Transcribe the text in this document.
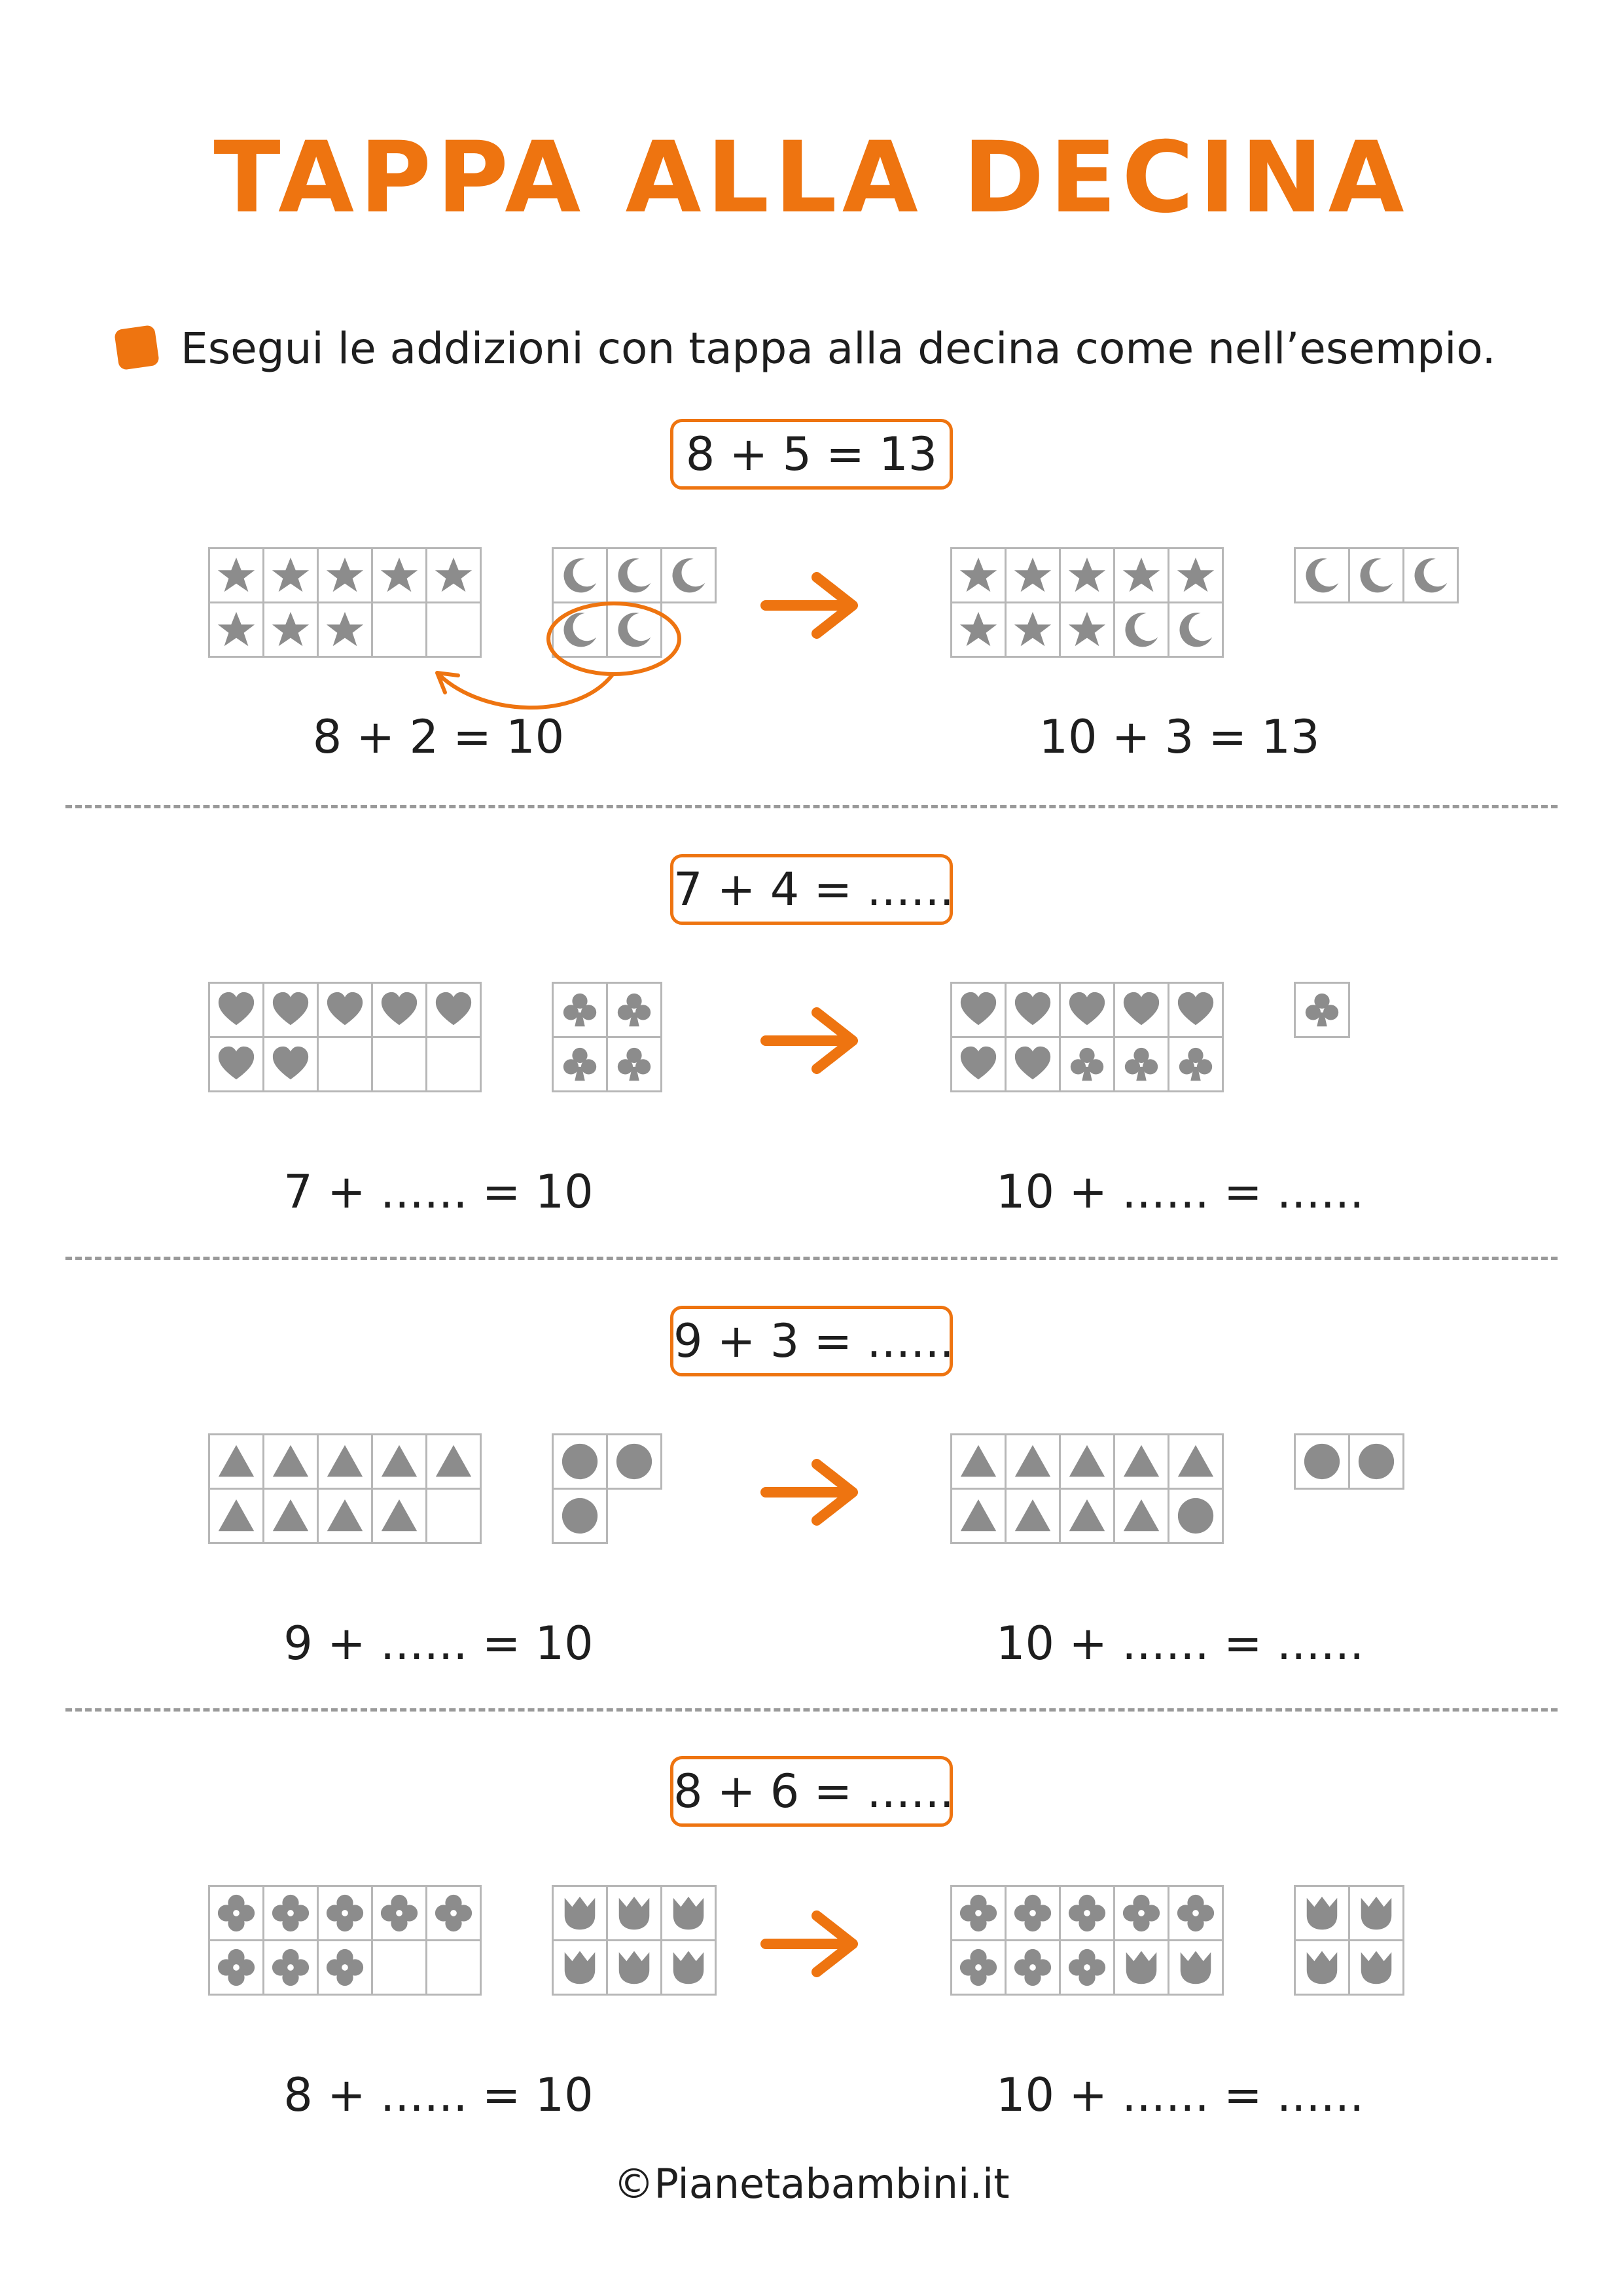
TAPPA ALLA DECINA
Esegui le addizioni con tappa alla decina come nell’esempio.
8 + 5 = 13

8 + 2 = 10	10 + 3 = 13
7 + 4 = ......

7 + ...... = 10	10 + ...... = ......
9 + 3 = ......

9 + ...... = 10	10 + ...... = ......
8 + 6 = ......

8 + ...... = 10	10 + ...... = ......
©Pianetabambini.it
